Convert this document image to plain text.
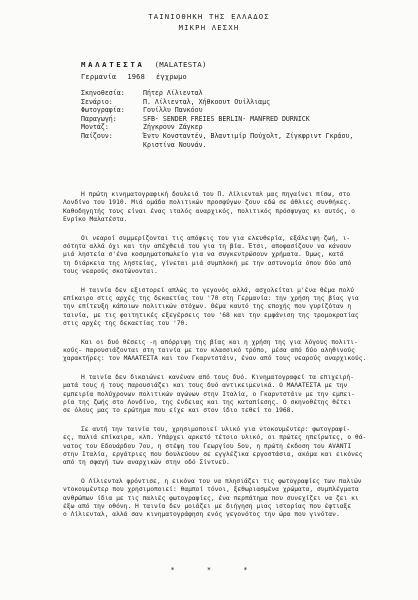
ΤΑΙΝΙΟΘΗΚΗ ΤΗΣ ΕΛΛΑΔΟΣ
ΜΙΚΡΗ ΛΕΣΧΗ
ΜΑΛΑΤΕΣΤΑ (MALATESTA)
Γερμανία 1968 έγχρωμο
Σκηνοθεσία:	Πήτερ Λίλιενταλ
Σενάριο:	Π. Λίλιενταλ, Χήθκοουτ Ουίλλιαμς
Φωτογραφία:	Γουίλλυ Πανκόου
Παραγωγή:	SFB- SENDER FREIES BERLIN- MANFRED DURNICK
Μοντάζ:	Ζήγκρουν Ζάγκερ
Παίζουν:	Έντυ Κονσταντέν, Βλαντιμίρ Πούχολτ, Ζίγκφριντ Γκράου,
Κριστίνα Νουνάν.

Η πρώτη κινηματογραφική δουλειά του Π. Λίλιενταλ μας πηγαίνει πίσω, στο
Λονδίνο του 1910. Μιά ομάδα πολιτικών προσφύγων ζουν εδώ σε άθλιες συνθήκες.
Καθοδηγητής τους είναι ένας ιταλός αναρχικός, πολιτικός πρόσφυγας κι αυτός, ο
Ενρίκο Μαλατέστα.

Οι νεαροί συμμερίζονται τις απόψεις του για ελευθερία, εξάλειψη ζωή, ι-
σότητα αλλά όχι και την απέχθειά του για τη βία. Έτσι, αποφασίζουν να κάνουν
μιά ληστεία σ'ένα κοσμηματοπωλείο για να συγκεντρώσουν χρήματα. Όμως, κατά
τη διάρκεια της ληστείας, γίνεται μιά συμπλοκή με την αστυνομία όπου δύο από
τους νεαρούς σκοτώνονται.

Η ταινία δεν εξιστορεί απλώς το γεγονός αλλά, ασχολείται μ'ένα θέμα πολύ
επίκαιρο στις αρχές της δεκαετίας του '70 στη Γερμανία: την χρήση της βίας για
την επίτευξη κάποιων πολιτικών στόχων. Θέμα καυτό της εποχής που γυρίζόταν η
ταινία, με τις φοιτητικές εξεγέρσεις του '68 και την εμφάνιση της τρομοκρατίας
στις αρχές της δεκαετίας του '70.

Και οι δυό θέσεις -η απόρριψη της βίας και η χρήση της για λόγους πολιτι-
κούς- παρουσιάζονται στη ταινία με τον κλασσικό τρόπο, μέσα από δύο αληθινούς
χαρακτήρες: τον ΜΑΛΑΤΕΣΤΑ και τον Γκαρντστάιν, έναν από τους νεαρούς αναρχικούς.

Η ταινία δεν δικαιώνει κανέναν από τους δυό. Κινηματογραφεί τα επιχειρή-
ματά τους ή τους παρουσιάζει και τους δυό αντικειμενικά. Ο ΜΑΛΑΤΕΣΤΑ με την
εμπειρία πολύχρονων πολιτικών αγώνων στην Ιταλία, ο Γκαρντστάιν με την εμπει-
ρία της ζωής στο Λονδίνο, της ένδειας και της καταπίεσης. Ο σκηνοθέτης θέτει
σε όλους μας το ερώτημα που είχε και στον ίδιο τεθεί το 1968.

Σε αυτή την ταινία του, χρησιμοποιεί υλικό για ντοκουμέντερ: φωτογραφί-
ες, παλιά επίκαιρα, κλπ. Υπάρχει αρκετό τέτοιο υλικό, οι πρώτες ηπείρωτες, ο θά-
νατος του Εδουάρδου 7ου, η στέψη του Γεωργίου 5ου, η πρώτη έκδοση του AVANTI
στην Ιταλία, εργάτριες που δουλεύουν σε εγγλέζικα εργοστάσια, ακόμα και εικόνες
από τη σφαγή των αναρχικών στην οδό Σίντνεϋ.

Ο Λίλιενταλ φρόντισε, η εικόνα του να πλησιάζει τις φωτογραφίες των παλιών
ντοκουμέντερ που χρησιμοποιεί: θαμποί τόνοι, ξεθωριασμένα χρώματα, συμπλέγματα
ανθρώπων ίδια με τις παλιές φωτογραφίες, ένα περπάτημα που συνεχίζει να ζει κι
έξω από την οθόνη. Η ταινία δεν μοιάζει με διήγηση μιας ιστορίας που έφτιαξε
ο Λίλιενταλ, αλλά σαν κινηματογράφηση ενός γεγονότος την ώρα που γινόταν.

* * *
